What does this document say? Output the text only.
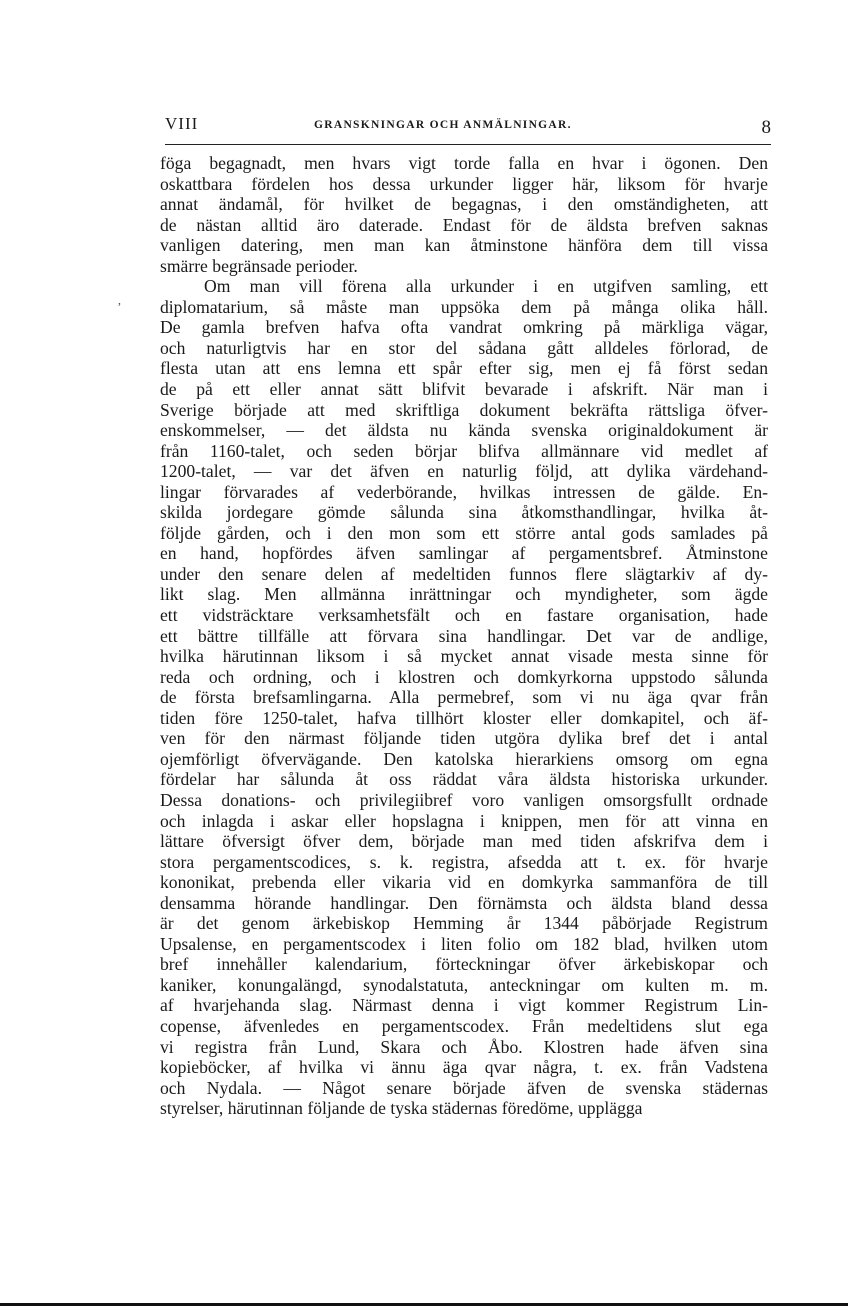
VIII	GRANSKNINGAR OCH ANMÄLNINGAR.	8
,
föga begagnadt, men hvars vigt torde falla en hvar i ögonen. Den
oskattbara fördelen hos dessa urkunder ligger här, liksom för hvarje
annat ändamål, för hvilket de begagnas, i den omständigheten, att
de nästan alltid äro daterade. Endast för de äldsta brefven saknas
vanligen datering, men man kan åtminstone hänföra dem till vissa
smärre begränsade perioder.
Om man vill förena alla urkunder i en utgifven samling, ett
diplomatarium, så måste man uppsöka dem på många olika håll.
De gamla brefven hafva ofta vandrat omkring på märkliga vägar,
och naturligtvis har en stor del sådana gått alldeles förlorad, de
flesta utan att ens lemna ett spår efter sig, men ej få först sedan
de på ett eller annat sätt blifvit bevarade i afskrift. När man i
Sverige började att med skriftliga dokument bekräfta rättsliga öfver-
enskommelser, — det äldsta nu kända svenska originaldokument är
från 1160-talet, och seden börjar blifva allmännare vid medlet af
1200-talet, — var det äfven en naturlig följd, att dylika värdehand-
lingar förvarades af vederbörande, hvilkas intressen de gälde. En-
skilda jordegare gömde sålunda sina åtkomsthandlingar, hvilka åt-
följde gården, och i den mon som ett större antal gods samlades på
en hand, hopfördes äfven samlingar af pergamentsbref. Åtminstone
under den senare delen af medeltiden funnos flere slägtarkiv af dy-
likt slag. Men allmänna inrättningar och myndigheter, som ägde
ett vidsträcktare verksamhetsfält och en fastare organisation, hade
ett bättre tillfälle att förvara sina handlingar. Det var de andlige,
hvilka härutinnan liksom i så mycket annat visade mesta sinne för
reda och ordning, och i klostren och domkyrkorna uppstodo sålunda
de första brefsamlingarna. Alla permebref, som vi nu äga qvar från
tiden före 1250-talet, hafva tillhört kloster eller domkapitel, och äf-
ven för den närmast följande tiden utgöra dylika bref det i antal
ojemförligt öfvervägande. Den katolska hierarkiens omsorg om egna
fördelar har sålunda åt oss räddat våra äldsta historiska urkunder.
Dessa donations- och privilegiibref voro vanligen omsorgsfullt ordnade
och inlagda i askar eller hopslagna i knippen, men för att vinna en
lättare öfversigt öfver dem, började man med tiden afskrifva dem i
stora pergamentscodices, s. k. registra, afsedda att t. ex. för hvarje
kononikat, prebenda eller vikaria vid en domkyrka sammanföra de till
densamma hörande handlingar. Den förnämsta och äldsta bland dessa
är det genom ärkebiskop Hemming år 1344 påbörjade Registrum
Upsalense, en pergamentscodex i liten folio om 182 blad, hvilken utom
bref innehåller kalendarium, förteckningar öfver ärkebiskopar och
kaniker, konungalängd, synodalstatuta, anteckningar om kulten m. m.
af hvarjehanda slag. Närmast denna i vigt kommer Registrum Lin-
copense, äfvenledes en pergamentscodex. Från medeltidens slut ega
vi registra från Lund, Skara och Åbo. Klostren hade äfven sina
kopieböcker, af hvilka vi ännu äga qvar några, t. ex. från Vadstena
och Nydala. — Något senare började äfven de svenska städernas
styrelser, härutinnan följande de tyska städernas föredöme, upplägga
